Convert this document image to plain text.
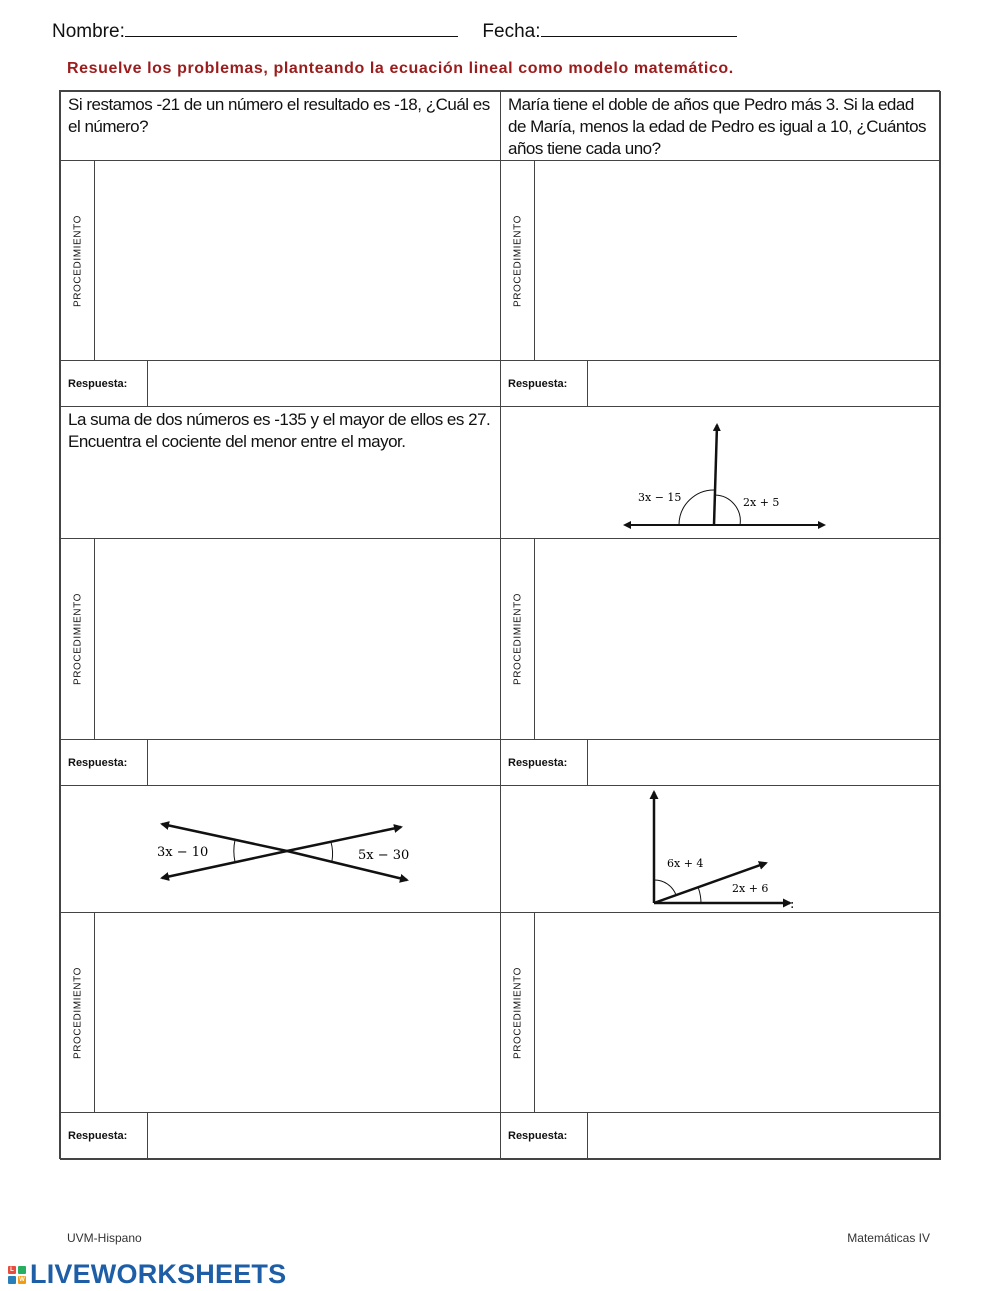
Nombre:	Fecha:
Resuelve los problemas, planteando la ecuación lineal como modelo matemático.
Si restamos -21 de un número el resultado es -18, ¿Cuál es el número?
María tiene el doble de años que Pedro más 3. Si la edad de María, menos la edad de Pedro es igual a 10, ¿Cuántos años tiene cada uno?
PROCEDIMIENTO	PROCEDIMIENTO
Respuesta:	Respuesta:
La suma de dos números es -135 y el mayor de ellos es 27. Encuentra el cociente del menor entre el mayor.
3x − 15	2x + 5
PROCEDIMIENTO	PROCEDIMIENTO
Respuesta:	Respuesta:
3x − 10	5x − 30
6x + 4
2x + 6
:
PROCEDIMIENTO	PROCEDIMIENTO
Respuesta:	Respuesta:
UVM-Hispano	Matemáticas IV
L
W LIVEWORKSHEETS
